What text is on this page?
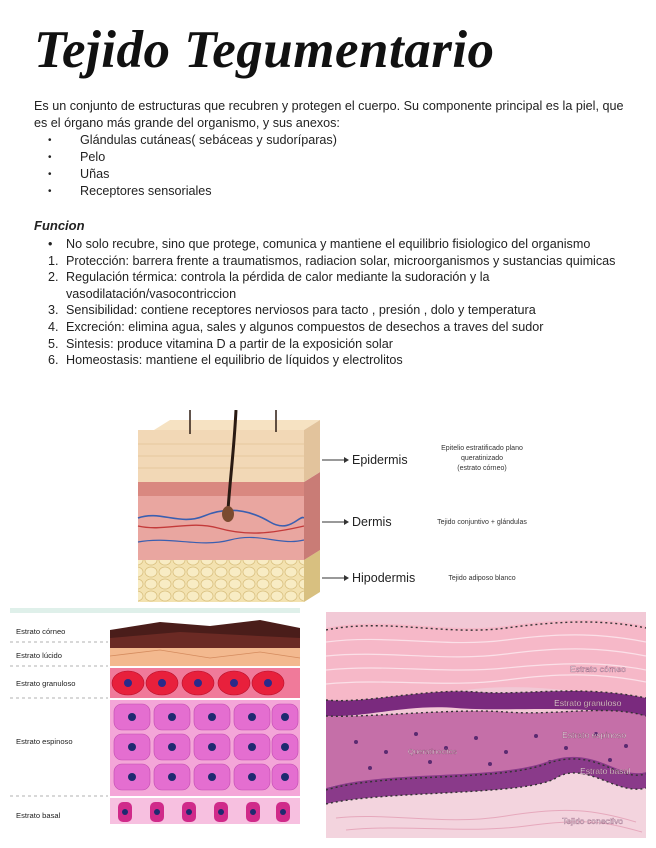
Tejido Tegumentario

Es un conjunto de estructuras que recubren y protegen el cuerpo. Su componente principal es la piel, que es el órgano más grande del organismo, y sus anexos:

• Glándulas cutáneas( sebáceas y sudoríparas)
• Pelo
• Uñas
• Receptores sensoriales
Funcion
•	No solo recubre, sino que protege, comunica y mantiene el equilibrio fisiologico del organismo
1. Protección: barrera frente a traumatismos, radiacion solar, microorganismos y sustancias quimicas
2. Regulación térmica: controla la pérdida de calor mediante la sudoración y la vasodilatación/vasocontriccion
3. Sensibilidad: contiene receptores nerviosos para tacto , presión , dolo y temperatura
4. Excreción: elimina agua, sales y algunos compuestos de desechos a traves del sudor
5. Sintesis: produce vitamina D a partir de la exposición solar
6. Homeostasis: mantiene el equilibrio de líquidos y electrolitos
Epidermis
Epitelio estratificado plano
queratinizado
(estrato córneo)
Dermis	Tejido conjuntivo + glándulas
Hipodermis	Tejido adiposo blanco
Estrato córneo
Estrato lúcido
Estrato granuloso
Estrato espinoso
Estrato basal
Estrato córneo
Estrato granuloso
Estrato espinoso
Queratinocitos
Estrato basal
Tejido conectivo
